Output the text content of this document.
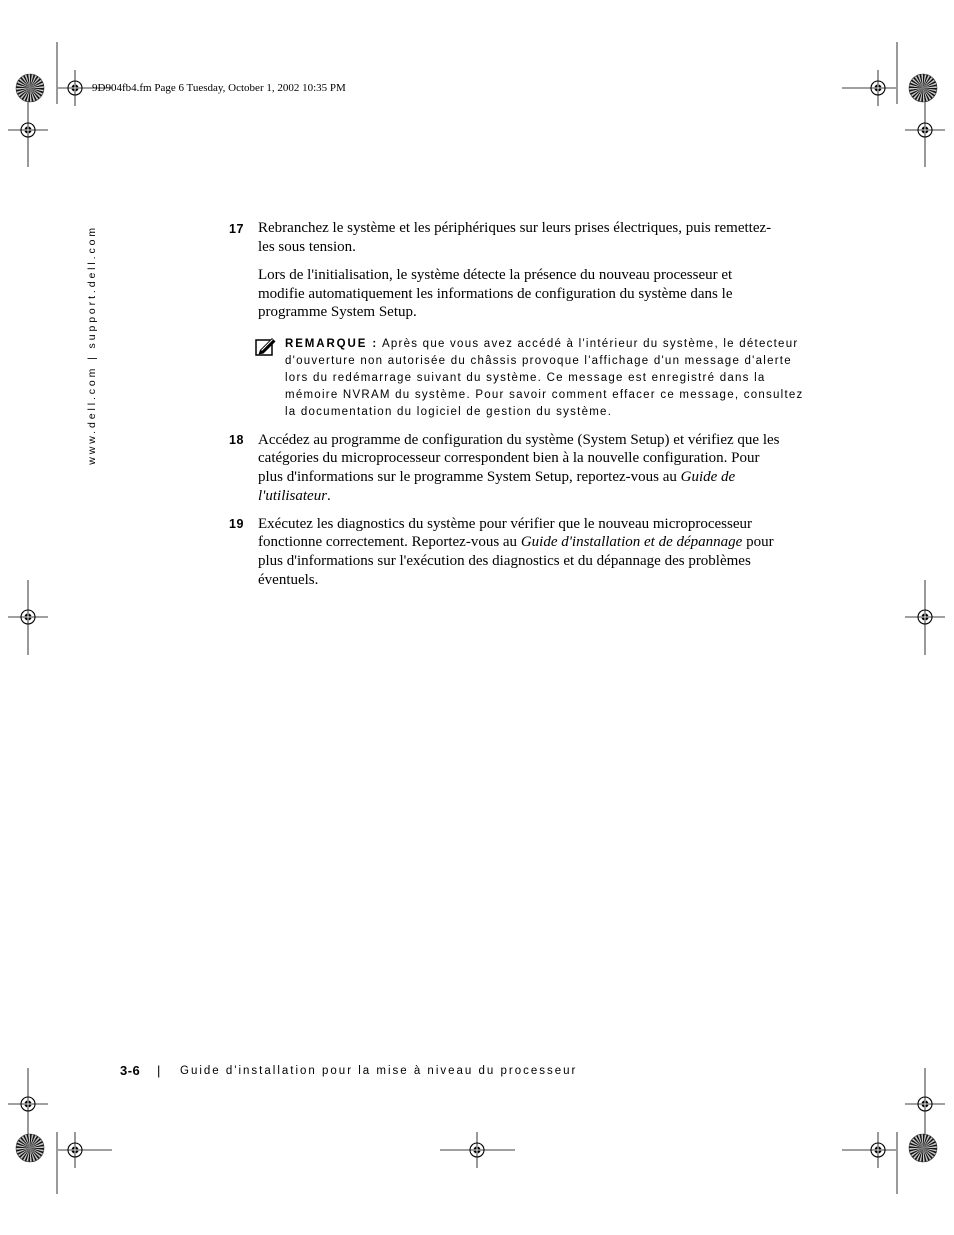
9D904fb4.fm Page 6 Tuesday, October 1, 2002 10:35 PM
www.dell.com | support.dell.com	17 Rebranchez le système et les périphériques sur leurs prises électriques, puis remettez-
les sous tension.
Lors de l'initialisation, le système détecte la présence du nouveau processeur et
modifie automatiquement les informations de configuration du système dans le
programme System Setup.
REMARQUE : Après que vous avez accédé à l'intérieur du système, le détecteur
d'ouverture non autorisée du châssis provoque l'affichage d'un message d'alerte
lors du redémarrage suivant du système. Ce message est enregistré dans la
mémoire NVRAM du système. Pour savoir comment effacer ce message, consultez
la documentation du logiciel de gestion du système.
18 Accédez au programme de configuration du système (System Setup) et vérifiez que les
catégories du microprocesseur correspondent bien à la nouvelle configuration. Pour
plus d'informations sur le programme System Setup, reportez-vous au Guide de
l'utilisateur.
19 Exécutez les diagnostics du système pour vérifier que le nouveau microprocesseur
fonctionne correctement. Reportez-vous au Guide d'installation et de dépannage pour
plus d'informations sur l'exécution des diagnostics et du dépannage des problèmes
éventuels.
3-6 | Guide d'installation pour la mise à niveau du processeur
